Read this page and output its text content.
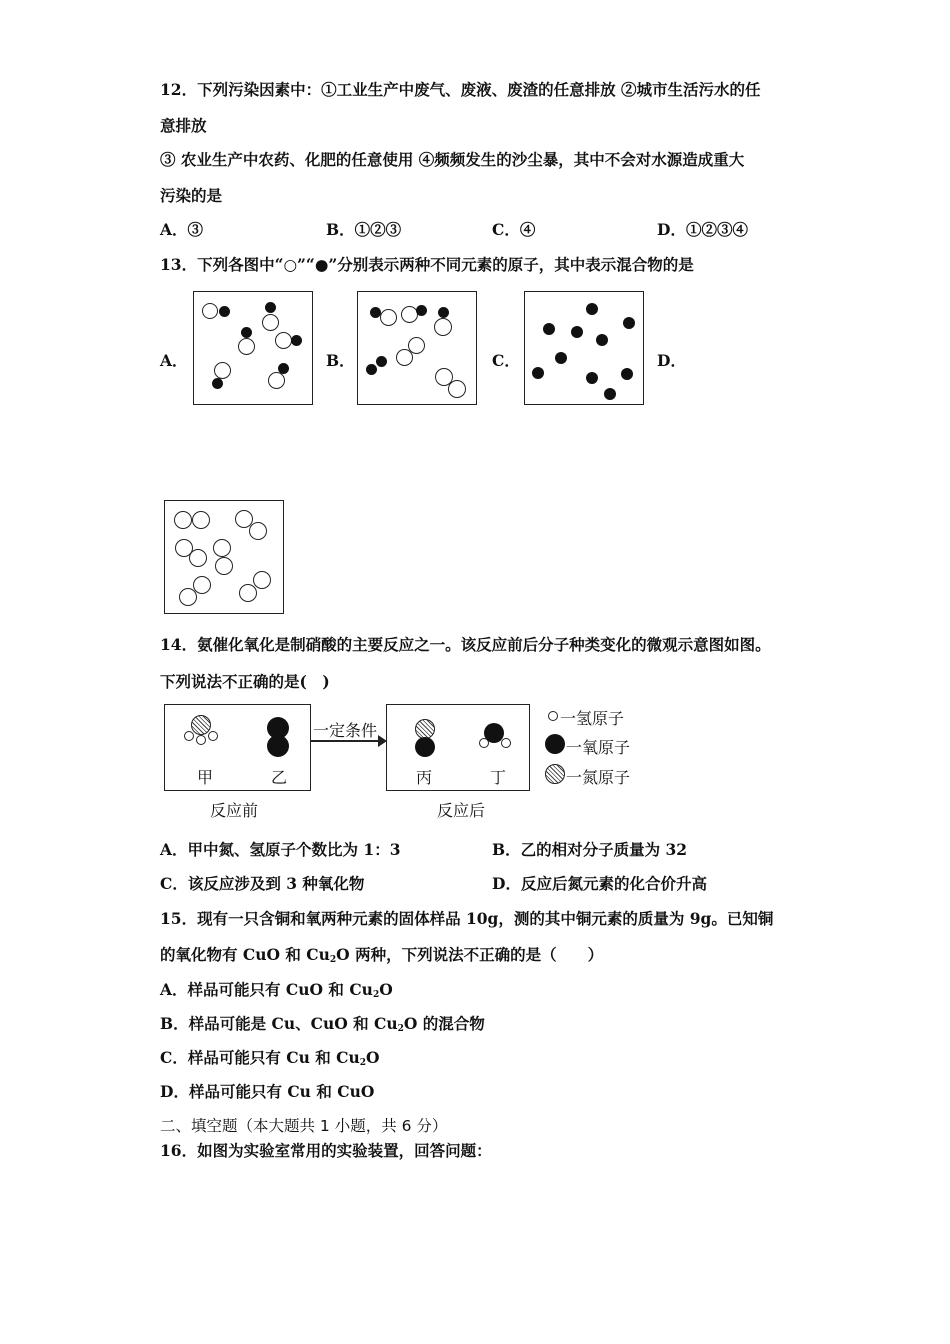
12．下列污染因素中：①工业生产中废气、废液、废渣的任意排放 ②城市生活污水的任
意排放
③ 农业生产中农药、化肥的任意使用 ④频频发生的沙尘暴，其中不会对水源造成重大
污染的是
A．③	B．①②③	C．④	D．①②③④
13．下列各图中“○”“●”分别表示两种不同元素的原子，其中表示混合物的是
A．	B．	C．	D．
14．氨催化氧化是制硝酸的主要反应之一。该反应前后分子种类变化的微观示意图如图。
下列说法不正确的是(　)
甲	乙
一定条件
丙	丁
反应前	反应后
一氢原子
一氧原子
一氮原子
A．甲中氮、氢原子个数比为 1：3	B．乙的相对分子质量为 32
C．该反应涉及到 3 种氧化物	D．反应后氮元素的化合价升高
15．现有一只含铜和氧两种元素的固体样品 10g，测的其中铜元素的质量为 9g。已知铜
的氧化物有 CuO 和 $Cu_2O$ 两种，下列说法不正确的是（　　）
A．样品可能只有 CuO 和 $Cu_2O$
B．样品可能是 Cu、CuO 和 $Cu_2O$ 的混合物
C．样品可能只有 Cu 和 $Cu_2O$
D．样品可能只有 Cu 和 CuO
二、填空题（本大题共 1 小题，共 6 分）
16．如图为实验室常用的实验装置，回答问题：
